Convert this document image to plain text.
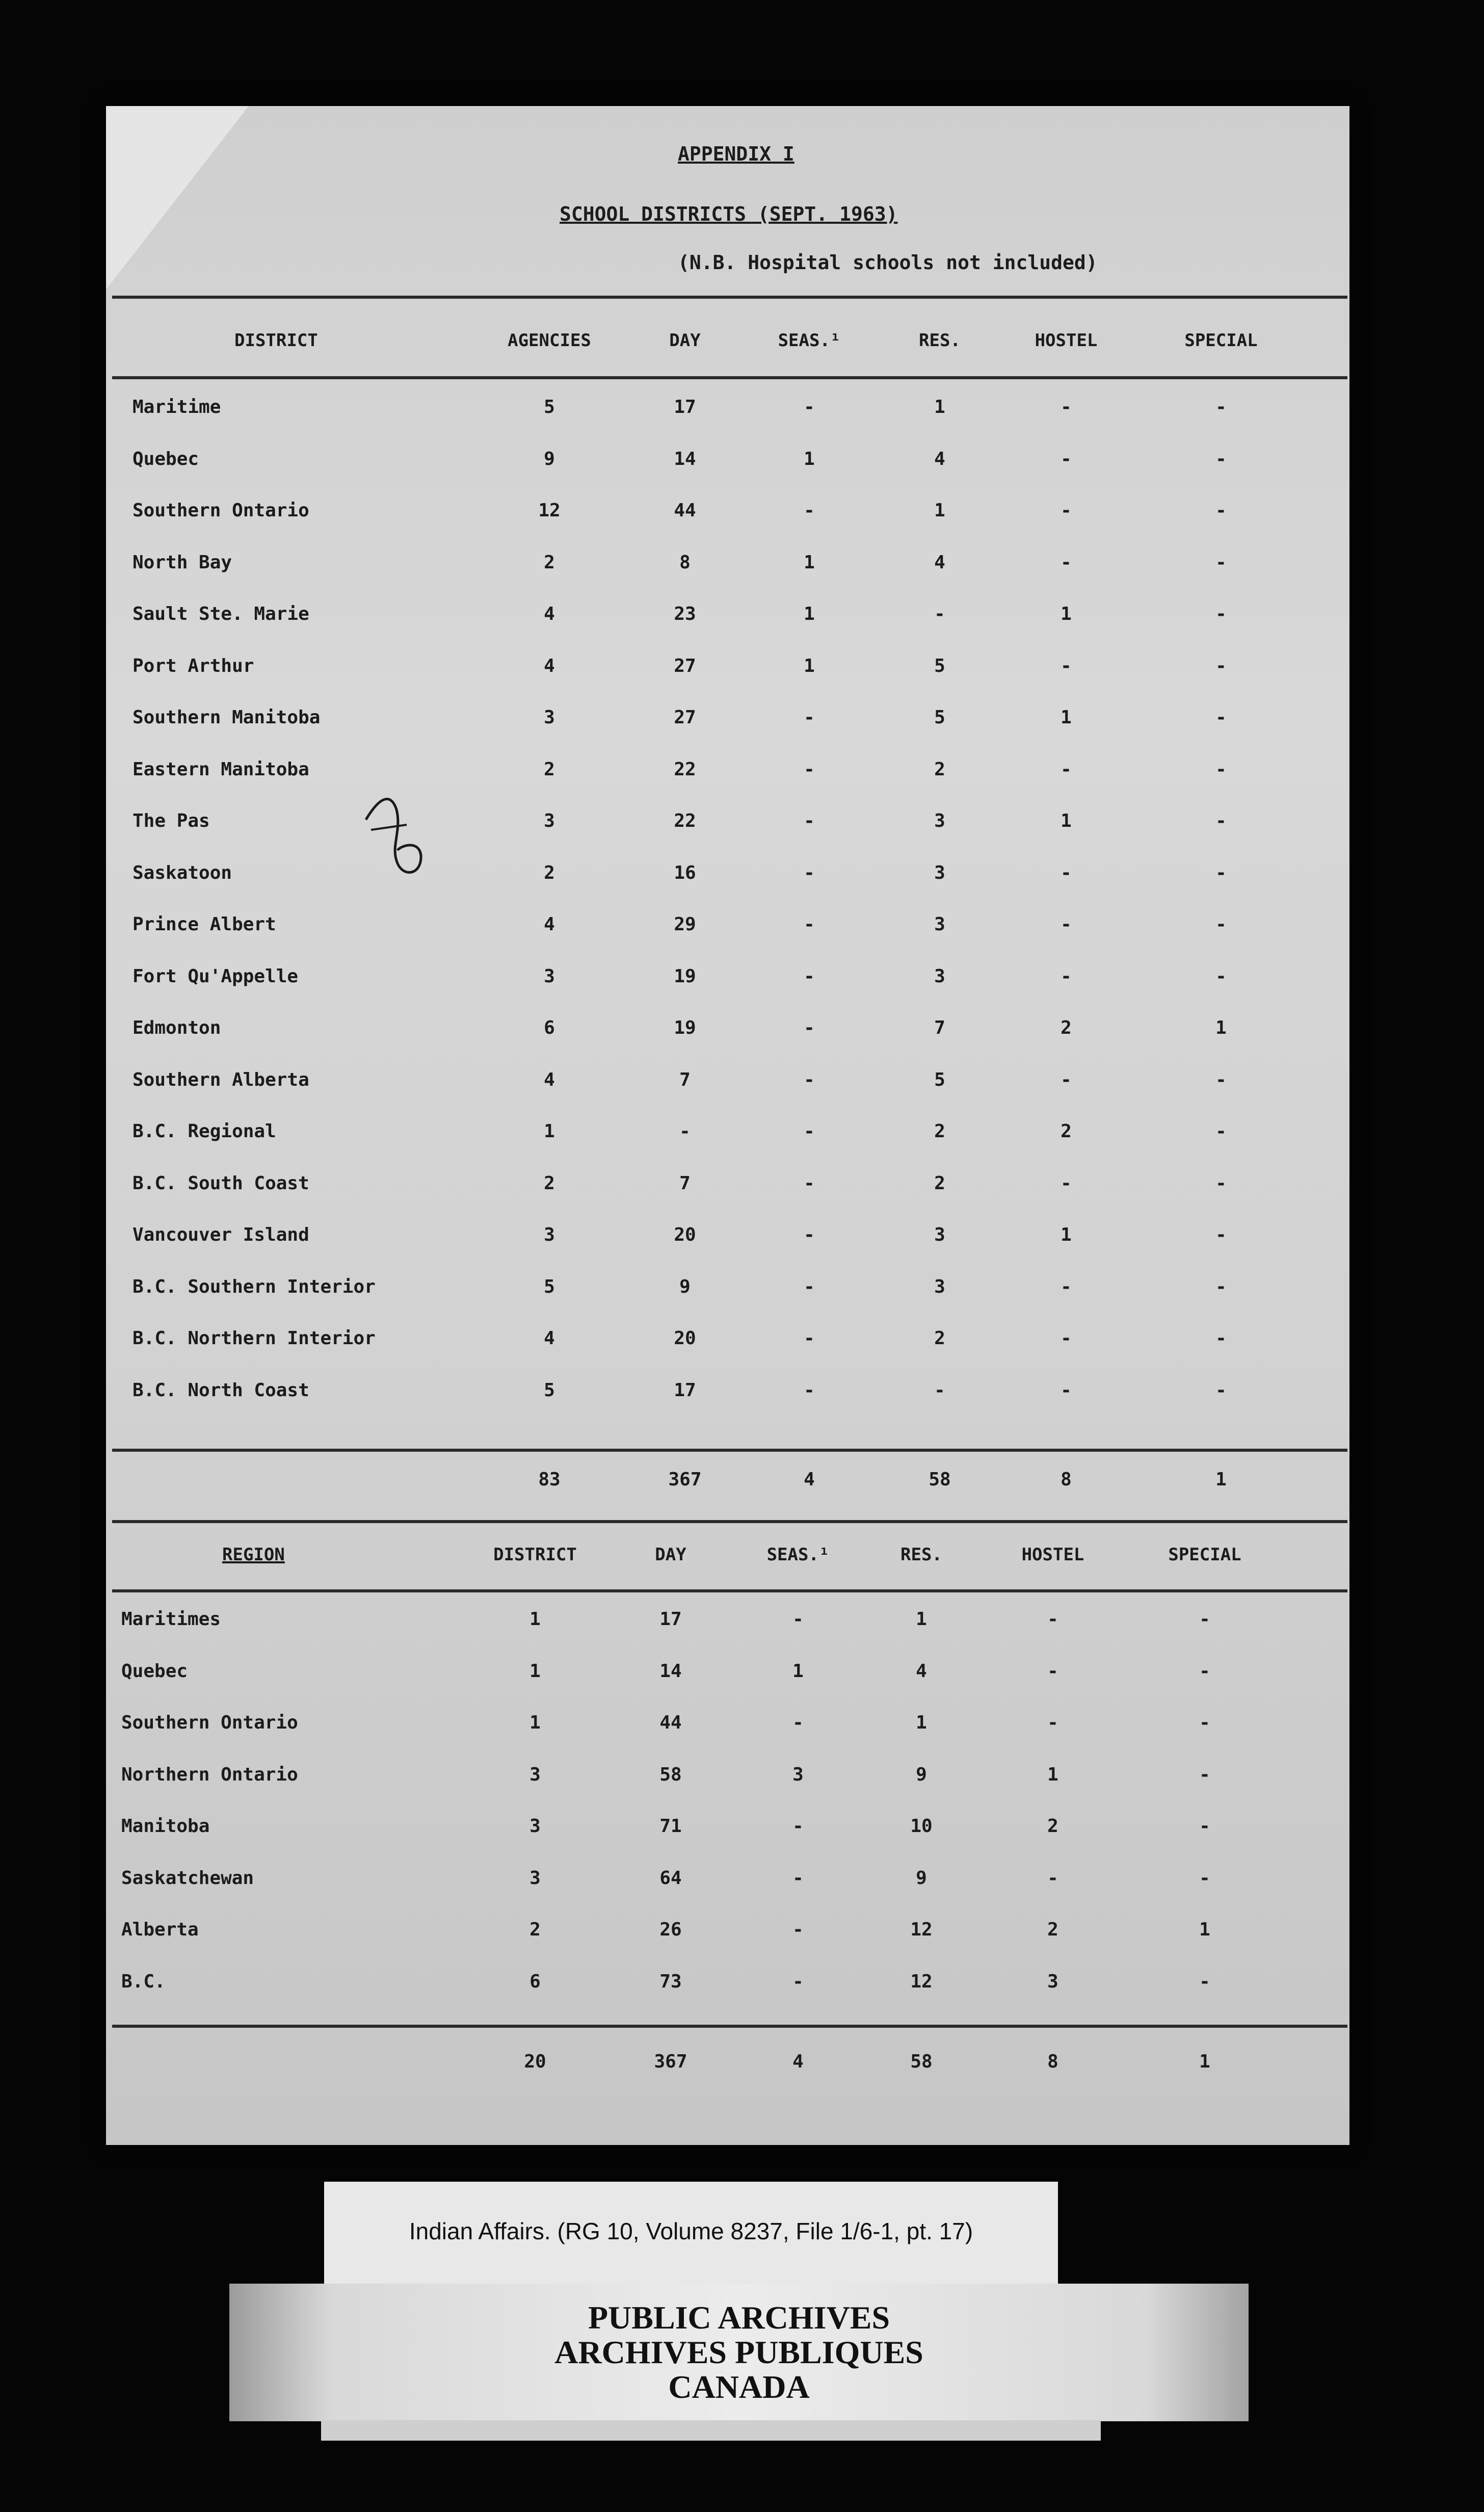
APPENDIX I
SCHOOL DISTRICTS (SEPT. 1963)
(N.B. Hospital schools not included)
DISTRICT	AGENCIES	DAY	SEAS.¹	RES.	HOSTEL	SPECIAL
Maritime	5	17	-	1	-	-
Quebec	9	14	1	4	-	-
Southern Ontario	12	44	-	1	-	-
North Bay	2	8	1	4	-	-
Sault Ste. Marie	4	23	1	-	1	-
Port Arthur	4	27	1	5	-	-
Southern Manitoba	3	27	-	5	1	-
Eastern Manitoba	2	22	-	2	-	-
The Pas	3	22	-	3	1	-
Saskatoon	2	16	-	3	-	-
Prince Albert	4	29	-	3	-	-
Fort Qu'Appelle	3	19	-	3	-	-
Edmonton	6	19	-	7	2	1
Southern Alberta	4	7	-	5	-	-
B.C. Regional	1	-	-	2	2	-
B.C. South Coast	2	7	-	2	-	-
Vancouver Island	3	20	-	3	1	-
B.C. Southern Interior	5	9	-	3	-	-
B.C. Northern Interior	4	20	-	2	-	-
B.C. North Coast	5	17	-	-	-	-
83	367	4	58	8	1
REGION	DISTRICT	DAY	SEAS.¹	RES.	HOSTEL	SPECIAL
Maritimes	1	17	-	1	-	-
Quebec	1	14	1	4	-	-
Southern Ontario	1	44	-	1	-	-
Northern Ontario	3	58	3	9	1	-
Manitoba	3	71	-	10	2	-
Saskatchewan	3	64	-	9	-	-
Alberta	2	26	-	12	2	1
B.C.	6	73	-	12	3	-
20	367	4	58	8	1
Indian Affairs. (RG 10, Volume 8237, File 1/6-1, pt. 17)
PUBLIC ARCHIVES
ARCHIVES PUBLIQUES
CANADA
